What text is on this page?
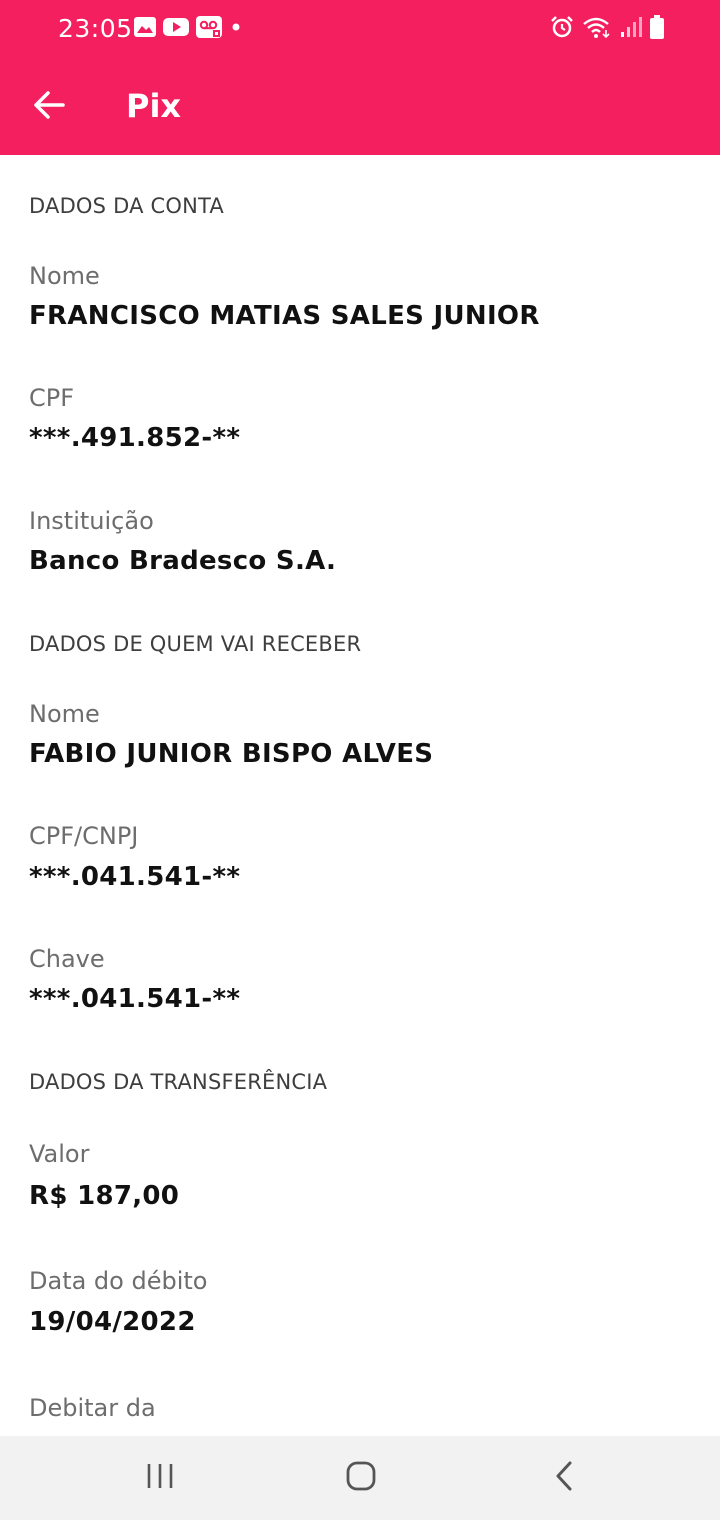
23:05
Pix
DADOS DA CONTA
Nome
FRANCISCO MATIAS SALES JUNIOR
CPF
***.491.852-**
Instituição
Banco Bradesco S.A.
DADOS DE QUEM VAI RECEBER
Nome
FABIO JUNIOR BISPO ALVES
CPF/CNPJ
***.041.541-**
Chave
***.041.541-**
DADOS DA TRANSFERÊNCIA
Valor
R$ 187,00
Data do débito
19/04/2022
Debitar da
